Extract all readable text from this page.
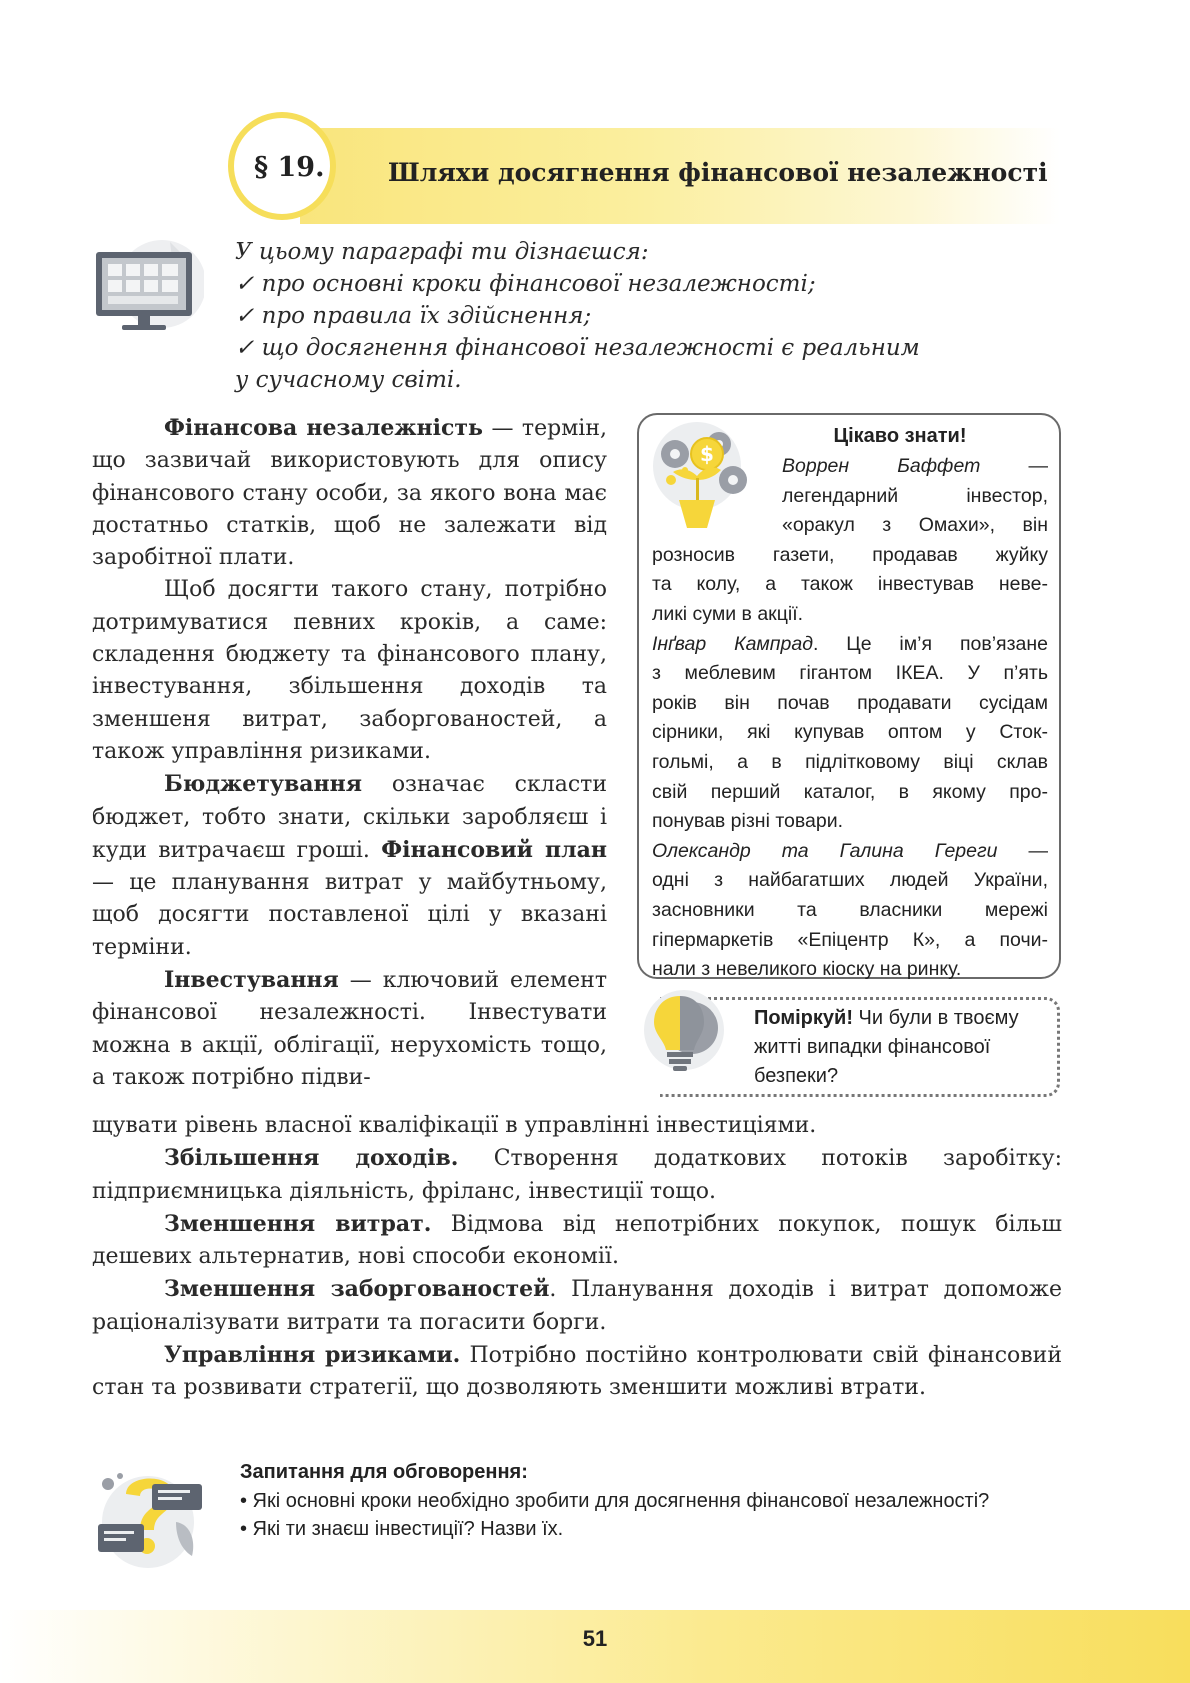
§ 19.	Шляхи досягнення фінансової незалежності
У цьому параграфі ти дізнаєшся:
✓ про основні кроки фінансової незалежності;
✓ про правила їх здійснення;
✓ що досягнення фінансової незалежності є реальним
у сучасному світі.

Фінансова незалежність — термін, що зазвичай використовують для опису фінансового стану особи, за якого вона має достатньо статків, щоб не залежати від заробітної плати.

Щоб досягти такого стану, потрібно дотримуватися певних кроків, а саме: складення бюджету та фінансового плану, інвестування, збільшення доходів та зменшеня витрат, заборгованостей, а також управління ризиками.

Бюджетування означає скласти бюджет, тобто знати, скільки заробляєш і куди витрачаєш гроші. Фінансовий план — це планування витрат у майбутньому, щоб досягти поставленої цілі у вказані терміни.

Інвестування — ключовий елемент фінансової незалежності. Інвестувати можна в акції, облігації, нерухомість тощо, а також потрібно підви-

щувати рівень власної кваліфікації в управлінні інвестиціями.

Збільшення доходів. Створення додаткових потоків заробітку: підприємницька діяльність, фріланс, інвестиції тощо.

Зменшення витрат. Відмова від непотрібних покупок, пошук більш дешевих альтернатив, нові способи економії.

Зменшення заборгованостей. Планування доходів і витрат допоможе раціоналізувати витрати та погасити борги.

Управління ризиками. Потрібно постійно контролювати свій фінансовий стан та розвивати стратегії, що дозволяють зменшити можливі втрати.

$
Цікаво знати!
Воррен Баффет —
легендарний інвестор,
«оракул з Омахи», він
розносив газети, продавав жуйку
та колу, а також інвестував неве-
ликі суми в акції.
Інґвар Кампрад. Це ім’я пов’язане
з меблевим гігантом ІКЕА. У п’ять
років він почав продавати сусідам
сірники, які купував оптом у Сток-
гольмі, а в підлітковому віці склав
свій перший каталог, в якому про-
понував різні товари.
Олександр та Галина Гереги —
одні з найбагатших людей України,
засновники та власники мережі
гіпермаркетів «Епіцентр К», а почи-
нали з невеликого кіоску на ринку.
Поміркуй! Чи були в твоєму житті випадки фінансової безпеки?
Запитання для обговорення:
• Які основні кроки необхідно зробити для досягнення фінансової незалежності?
• Які ти знаєш інвестиції? Назви їх.
51
